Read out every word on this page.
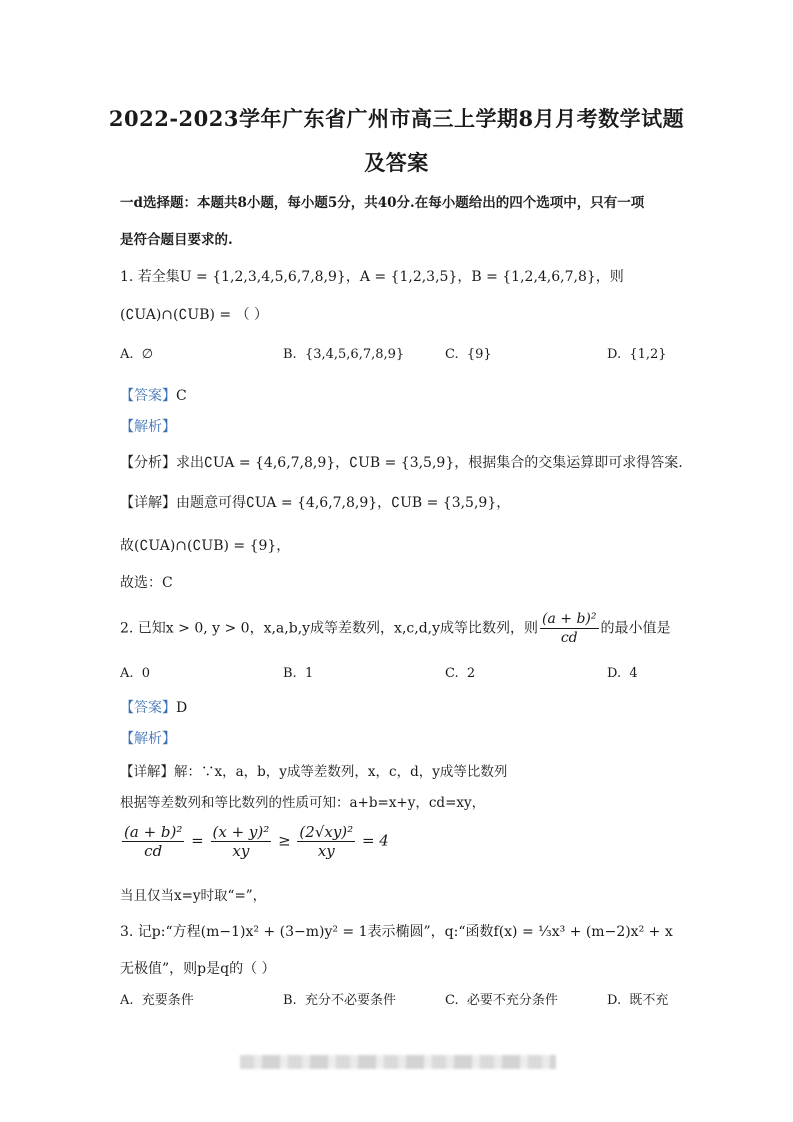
2022-2023学年广东省广州市高三上学期8月月考数学试题
及答案
一d选择题：本题共8小题，每小题5分，共40分.在每小题给出的四个选项中，只有一项
是符合题目要求的.
1. 若全集U = {1,2,3,4,5,6,7,8,9}，A = {1,2,3,5}，B = {1,2,4,6,7,8}，则
(∁UA)∩(∁UB) = （ ）
A. ∅	B. {3,4,5,6,7,8,9}	C. {9}	D. {1,2}
【答案】C
【解析】
【分析】求出∁UA = {4,6,7,8,9}，∁UB = {3,5,9}，根据集合的交集运算即可求得答案.
【详解】由题意可得∁UA = {4,6,7,8,9}，∁UB = {3,5,9}，
故(∁UA)∩(∁UB) = {9}，
故选：C
2. 已知x > 0, y > 0，x,a,b,y成等差数列，x,c,d,y成等比数列，则 $\frac{\text{(a + b)²}}{cd}$ 的最小值是
A. 0	B. 1	C. 2	D. 4
【答案】D
【解析】
【详解】解：∵x，a，b，y成等差数列，x，c，d，y成等比数列
根据等差数列和等比数列的性质可知：a+b=x+y，cd=xy，
$\frac{\text{(a + b)²}}{cd} = \frac{\text{(x + y)²}}{xy} \ge \frac{\text{(2√xy)²}}{xy} = 4$
当且仅当x=y时取“=”，
3. 记p:“方程(m−1)x² + (3−m)y² = 1表示椭圆”，q:“函数f(x) = ⅓x³ + (m−2)x² + x
无极值”，则p是q的（ ）
A. 充要条件	B. 充分不必要条件	C. 必要不充分条件	D. 既不充
